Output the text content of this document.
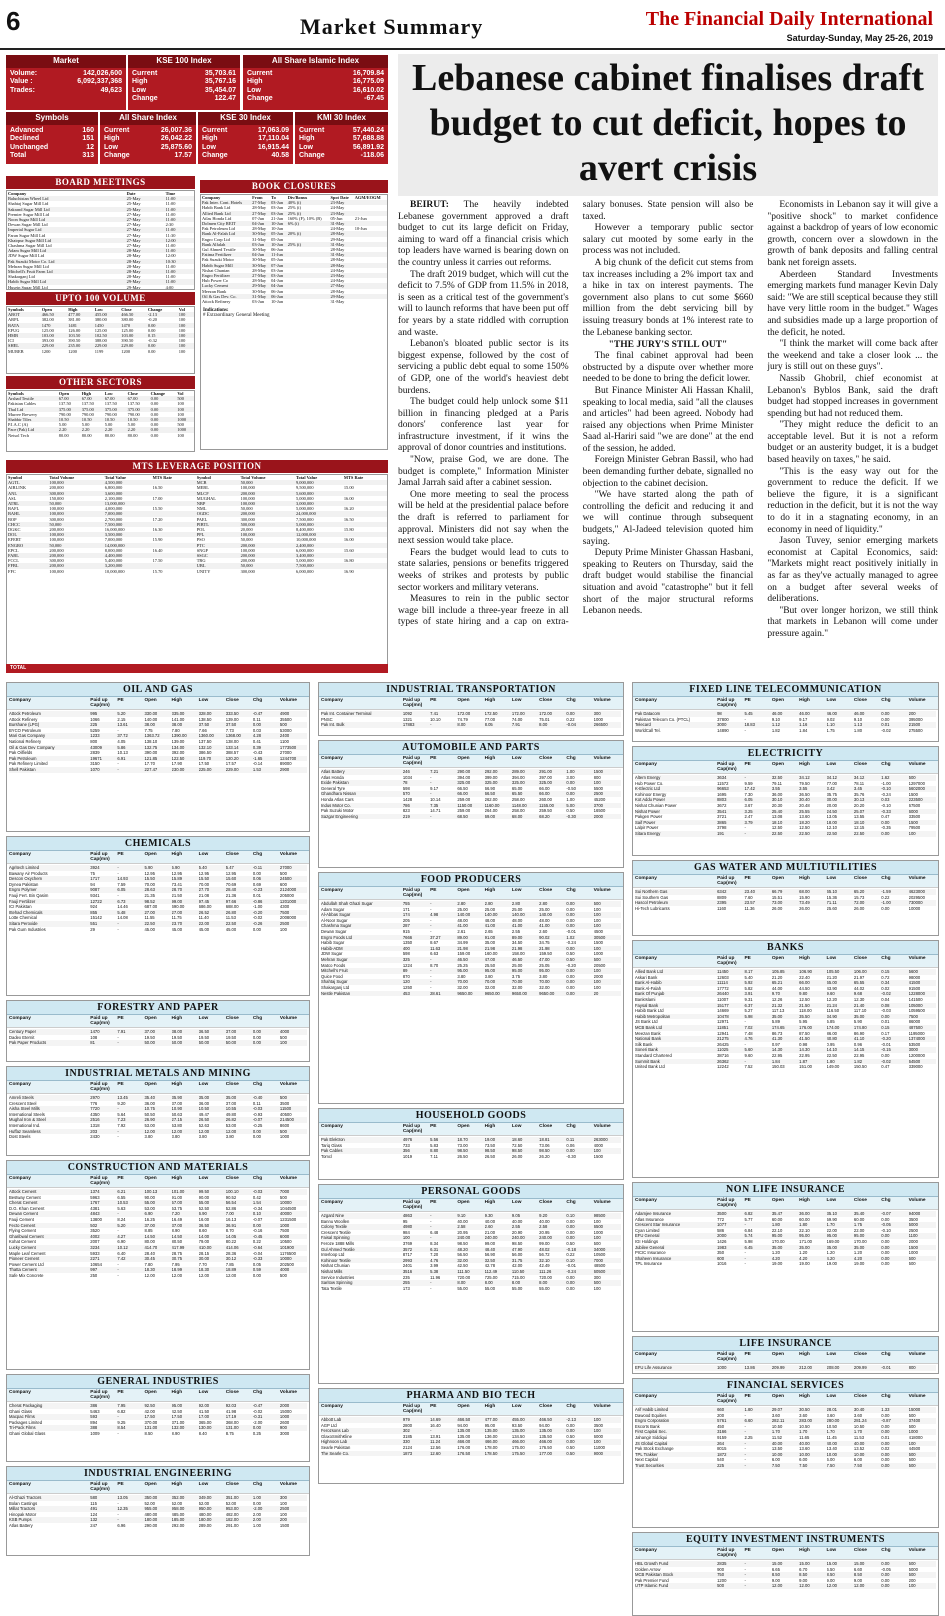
6	Market Summary	The Financial Daily International
Saturday-Sunday, May 25-26, 2019
Market
Volume:	142,026,600
Value :	6,092,337,368
Trades:	49,623
KSE 100 Index
Current	35,703.61
High	35,767.16
Low	35,454.07
Change	122.47
All Share Islamic Index
Current	16,709.84
High	16,775.09
Low	16,610.02
Change	-67.45
Symbols
Advanced	160
Declined	151
Unchanged	12
Total	313
All Share Index
Current	26,007.36
High	26,042.22
Low	25,875.60
Change	17.57
KSE 30 Index
Current	17,063.09
High	17,110.04
Low	16,915.44
Change	40.58
KMI 30 Index
Current	57,440.24
High	57,688.88
Low	56,891.92
Change	-118.06
BOARD MEETINGS
Company	Date	Time
Baluchistan Wheel Ltd	25-May	11:00
Shahtaj Sugar Mill Ltd	25-May	11:00
Sakrand Sugar Mill Ltd	25-May	11:00
Premier Sugar Mill Ltd	27-May	11:00
Noon Sugar Mill Ltd	27-May	11:00
Dewan Sugar Mill Ltd	27-May	2:30
Imperial Sugar Ltd	27-May	11:00
Faran Sugar Mill Ltd	27-May	11:30
Khairpur Sugar Mill Ltd	27-May	12:00
Chashma Sugar Mill Ltd	27-May	11:00
Adam Sugar Mill Ltd	28-May	11:00
JDW Sugar Mill Ltd	28-May	12:00
Pak Suzuki Motor Co. Ltd	28-May	10:30
Mehran Sugar Mill Ltd	28-May	11:00
Mitchell's Fruit Farm Ltd	28-May	11:00
Shakarganj Ltd	28-May	11:00
Habib Sugar Mill Ltd	29-May	11:00
Husein Sugar Mill Ltd	29-May	4:00
BOOK CLOSURES
Company	From	To	Div/Bonus	Spot Date	AGM/EOGM
Pak Inter. Cont. Hotels	27-May	03-Jun	40% (i)	23-May	
Habib Bank Ltd	28-May	03-Jun	25% (i)	24-May	
Allied Bank Ltd	27-May	03-Jun	25% (i)	23-May	
Atlas Honda Ltd	07-Jun	21-Jun	160% (F), 10% (B)	05-Jun	21-Jun
Dolmen City REIT	04-Jun	10-Jun	6% (i)	31-May	
Pak Petroleum Ltd	28-May	10-Jun		24-May	10-Jun
Bank Al-Falah Ltd	30-May	05-Jun	20% (i)	28-May	
Engro Corp Ltd	31-May	05-Jun		29-May	
Bank Alfalah	03-Jun	10-Jun	25% (i)	31-May	
Gul Ahmed Textile	30-May	06-Jun		28-May	
Fatima Fertilizer	04-Jun	11-Jun		31-May	
Pak Suzuki Motor	30-May	05-Jun		28-May	
Habib Sugar Mill	30-May	07-Jun		28-May	
Nishat Chunian	28-May	03-Jun		24-May	
Engro Fertilizer	27-May	03-Jun		23-May	
Hub Power Co	28-May	04-Jun		24-May	
Lucky Cement	29-May	04-Jun		27-May	
Meezan Bank	30-May	06-Jun		28-May	
Oil & Gas Dev. Co.	31-May	06-Jun		29-May	
Attock Refinery	03-Jun	10-Jun		31-May	
Indications:
# Extraordinary General Meeting
UPTO 100 VOLUME
Symbols	Open	High	Low	Close	Change	Vol
ABOT	466.50	477.00	455.00	466.50	-2.13	100
ARPL	382.00	381.00	380.00	380.00	-0.20	100
BATA	1470	1481	1450	1470	0.00	100
EFUG	125.00	126.00	125.00	125.00	0.00	100
HMB	103.00	103.50	102.50	103.00	0.15	100
ICI	393.00	390.50	388.00	390.50	-0.32	100
SHEL	229.00	235.00	229.00	229.00	0.00	100
MUREB	1200	1200	1199	1200	0.00	100
OTHER SECTORS
Symbols	Open	High	Low	Close	Change	Vol
Arshad Textile	67.00	67.00	67.00	67.00	0.00	500
Pakistan Cables	137.50	137.50	137.50	137.50	0.00	100
Thal Ltd	375.00	375.00	375.00	375.00	0.00	100
Murree Brewery	790.00	790.00	790.00	790.00	0.00	100
Shabbir Tiles	10.50	10.50	10.50	10.50	0.00	1000
P.I.A.C (A)	5.00	5.00	5.00	5.00	0.00	500
Pace (Pak) Ltd	2.20	2.20	2.20	2.20	0.00	1000
Netsol Tech	80.00	80.00	80.00	80.00	0.00	100
MTS LEVERAGE POSITION
Symbol	Total Volume	Total Value	MTS Rate	Symbol	Total Volume	Total Value	MTS Rate
AGTL	100,000	4,500,000		MCB	50,000	9,000,000	
AIRLINK	200,000	6,800,000	16.50	MEBL	100,000	9,500,000	15.00
ANL	300,000	3,600,000		MLCF	200,000	5,600,000	
ASL	150,000	2,100,000	17.00	MUGHAL	100,000	5,000,000	16.00
ATRL	50,000	13,000,000		NBP	100,000	3,000,000	
BAFL	100,000	4,000,000	15.50	NML	50,000	5,000,000	16.20
BAHL	100,000	7,000,000		OGDC	200,000	24,000,000	
BOP	300,000	2,700,000	17.20	PAEL	300,000	7,500,000	16.50
CHCC	50,000	7,500,000		PIBTL	500,000	5,000,000	
DGKC	200,000	16,000,000	16.30	POL	20,000	8,400,000	15.80
DOL	100,000	3,500,000		PPL	100,000	12,000,000	
EFERT	100,000	7,000,000	15.90	PSO	50,000	10,000,000	16.00
ENGRO	50,000	14,000,000		PTC	200,000	2,400,000	
EPCL	200,000	8,000,000	16.40	SNGP	100,000	6,000,000	15.60
FABL	200,000	4,400,000		SSGC	200,000	3,400,000	
FCCL	300,000	5,400,000	17.50	TRG	200,000	5,000,000	16.80
FFBL	200,000	3,200,000		UBL	50,000	7,500,000	
FFC	100,000	10,000,000	15.70	UNITY	300,000	6,000,000	16.90
TOTAL
Lebanese cabinet finalises draft budget to cut deficit, hopes to avert crisis

BEIRUT: The heavily indebted Lebanese government approved a draft budget to cut its large deficit on Friday, aiming to ward off a financial crisis which top leaders have warned is bearing down on the country unless it carries out reforms.

The draft 2019 budget, which will cut the deficit to 7.5% of GDP from 11.5% in 2018, is seen as a critical test of the government's will to launch reforms that have been put off for years by a state riddled with corruption and waste.

Lebanon's bloated public sector is its biggest expense, followed by the cost of servicing a public debt equal to some 150% of GDP, one of the world's heaviest debt burdens.

The budget could help unlock some $11 billion in financing pledged at a Paris donors' conference last year for infrastructure investment, if it wins the approval of donor countries and institutions.

"Now, praise God, we are done. The budget is complete," Information Minister Jamal Jarrah said after a cabinet session.

One more meeting to seal the process will be held at the presidential palace before the draft is referred to parliament for approval. Ministers did not say when the next session would take place.

Fears the budget would lead to cuts to state salaries, pensions or benefits triggered weeks of strikes and protests by public sector workers and military veterans.

Measures to rein in the public sector wage bill include a three-year freeze in all types of state hiring and a cap on extra-salary bonuses. State pension will also be taxed.

However a temporary public sector salary cut mooted by some early in the process was not included.

A big chunk of the deficit cut stems from tax increases including a 2% import tax and a hike in tax on interest payments. The government also plans to cut some $660 million from the debt servicing bill by issuing treasury bonds at 1% interest rate to the Lebanese banking sector.

"THE JURY'S STILL OUT"

The final cabinet approval had been obstructed by a dispute over whether more needed to be done to bring the deficit lower.

But Finance Minister Ali Hassan Khalil, speaking to local media, said "all the clauses and articles" had been agreed. Nobody had raised any objections when Prime Minister Saad al-Hariri said "we are done" at the end of the session, he added.

Foreign Minister Gebran Bassil, who had been demanding further debate, signalled no objection to the cabinet decision.

"We have started along the path of controlling the deficit and reducing it and we will continue through subsequent budgets," Al-Jadeed television quoted him saying.

Deputy Prime Minister Ghassan Hasbani, speaking to Reuters on Thursday, said the draft budget would stabilise the financial situation and avoid "catastrophe" but it fell short of the major structural reforms Lebanon needs.

Economists in Lebanon say it will give a "positive shock" to market confidence against a backdrop of years of low economic growth, concern over a slowdown in the growth of bank deposits and falling central bank net foreign assets.

Aberdeen Standard Investments emerging markets fund manager Kevin Daly said: "We are still sceptical because they still have very little room in the budget." Wages and subsidies made up a large proportion of the deficit, he noted.

"I think the market will come back after the weekend and take a closer look ... the jury is still out on these guys".

Nassib Ghobril, chief economist at Lebanon's Byblos Bank, said the draft budget had stopped increases in government spending but had not reduced them.

"They might reduce the deficit to an acceptable level. But it is not a reform budget or an austerity budget, it is a budget based heavily on taxes," he said.

"This is the easy way out for the government to reduce the deficit. If we believe the figure, it is a significant reduction in the deficit, but it is not the way to do it in a stagnating economy, in an economy in need of liquidity."

Jason Tuvey, senior emerging markets economist at Capital Economics, said: "Markets might react positively initially in as far as they've actually managed to agree on a budget after several weeks of deliberations.

"But over longer horizon, we still think that markets in Lebanon will come under pressure again."

OIL AND GAS
Company	Paid up Cap(mn)
PE	Open	High	Low	Close	Chg	Volume
Attock Petroleum	995	5.20	330.00	335.00	328.00	333.50	-0.47	4900
Attock Refinery	1066	2.15	140.00	141.00	138.50	139.00	0.11	35500
Burshane (LPG)	225	13.61	38.00	38.00	37.50	37.50	0.00	500
BYCO Petroleum	5259	-	7.75	7.80	7.66	7.73	0.03	53000
Mari Gas Company	1233	37.72	1363.72	1390.00	1360.00	1368.00	4.28	2400
National Refinery	800	4.05	138.10	139.00	137.50	138.00	0.41	1100
Oil & Gas Dev Company	43009	5.86	132.75	134.00	132.10	133.14	0.39	1773500
Pak Oilfields	2839	10.13	390.00	392.00	386.50	388.57	-0.43	27000
Pak Petroleum	19671	6.91	121.85	122.50	119.70	120.20	-1.65	1244700
Pak Refinery Limited	3150	-	17.70	17.90	17.50	17.57	-0.14	89000
Shell Pakistan	1070	-	227.47	230.00	225.00	229.00	1.53	2900
CHEMICALS
Company	Paid up Cap(mn)
PE	Open	High	Low	Close	Chg	Volume
Agritech Limited	3924	-	5.90	5.90	5.40	5.47	-0.11	27000
Bawany Air Products	75	-	12.95	12.95	12.95	12.95	0.00	500
Descon Oxychem	1717	14.93	15.50	15.89	15.50	15.60	0.06	24500
Dynea Pakistan	94	7.59	70.00	73.41	70.00	70.69	0.69	600
Engro Polymer	9087	6.05	28.63	28.70	27.70	28.40	-0.23	2124000
Fauji Fert. Bin Qasim	9341	-	21.35	21.50	21.08	21.36	0.01	205000
Fauji Fertilizer	12722	6.73	98.52	99.00	97.45	97.66	-0.86	1201000
ICI Pakistan	924	14.46	687.00	690.00	686.00	688.00	-1.00	4300
Ittehad Chemicals	855	5.48	27.00	27.00	26.52	26.80	-0.20	7500
Lotte Chemical	15142	14.08	11.55	11.75	11.40	11.53	-0.02	2008000
Sitara Peroxide	551	-	22.50	23.70	22.00	22.50	-0.26	2500
Pak Gum Industries	29	-	45.00	45.00	45.00	45.00	0.00	100
FORESTRY AND PAPER
Company	Paid up Cap(mn)
PE	Open	High	Low	Close	Chg	Volume
Century Paper	1470	7.91	37.00	38.00	36.50	37.00	0.00	4000
Dadex Eternit	108	-	19.50	19.50	19.50	19.50	0.00	500
Pak Paper Products	81	-	50.00	50.00	50.00	50.00	0.00	100
INDUSTRIAL METALS AND MINING
Company	Paid up Cap(mn)
PE	Open	High	Low	Close	Chg	Volume
Amreli Steels	2970	13.45	35.40	35.90	35.00	35.00	-0.40	500
Crescent Steel	776	9.20	36.00	37.00	36.00	37.00	0.11	3500
Aisha Steel Mills	7720	-	10.75	10.90	10.50	10.55	-0.03	11500
International Steels	4350	5.64	50.50	50.63	49.47	49.80	-0.93	40500
Mughal Iron & Steel	2516	7.23	26.90	27.15	26.50	26.82	-0.07	214500
International Ind.	1318	7.92	53.00	53.80	52.63	53.00	-0.25	8600
Huffaz Seamless	203	-	12.00	12.00	12.00	12.00	0.00	500
Dost Steels	2430	-	3.80	3.80	3.80	3.80	0.00	1000
CONSTRUCTION AND MATERIALS
Company	Paid up Cap(mn)
PE	Open	High	Low	Close	Chg	Volume
Attock Cement	1374	6.21	100.13	101.00	99.50	100.10	-0.03	7000
Bestway Cement	5963	6.55	90.00	91.00	90.00	90.52	0.42	500
Cherat Cement	1767	10.53	55.00	57.00	55.00	56.54	1.54	10000
D.G. Khan Cement	4381	5.63	53.00	53.75	52.50	52.86	-0.34	1044500
Dewan Cement	4843	-	6.90	7.20	6.90	7.00	0.10	40000
Fauji Cement	13800	8.24	16.25	16.49	16.00	16.13	-0.07	1231500
Fecto Cement	502	5.20	37.00	37.00	36.50	36.91	0.00	1000
Flying Cement	3520	-	8.85	8.90	8.60	8.70	-0.16	7500
Gharibwal Cement	4002	4.27	14.50	14.50	14.00	14.05	-0.45	6000
Kohat Cement	2007	6.90	80.00	80.50	79.00	80.22	0.22	10500
Lucky Cement	3234	10.12	414.70	417.99	410.00	414.06	-0.64	101900
Maple Leaf Cement	5933	6.40	28.40	28.75	28.15	28.36	-0.04	1176500
Pioneer Cement	2271	7.42	30.45	30.75	30.00	30.12	-0.33	10000
Power Cement Ltd	10654	-	7.80	7.95	7.70	7.85	0.05	202500
Thatta Cement	997	-	18.30	18.99	18.30	18.89	0.59	4000
Safe Mix Concrete	250	-	12.00	12.00	12.00	12.00	0.00	500
GENERAL INDUSTRIES
Company	Paid up Cap(mn)
PE	Open	High	Low	Close	Chg	Volume
Cherat Packaging	386	7.95	92.50	95.00	92.00	92.03	-0.47	2000
Ghani Glass	5463	6.82	42.00	42.50	41.50	41.98	-0.02	15000
Macpac Films	593	-	17.50	17.50	17.00	17.19	-0.31	1000
Packages Limited	894	9.25	370.00	371.00	365.00	368.00	-2.00	2600
Tri-Pack Films	388	8.54	131.00	132.00	130.00	131.00	0.00	900
Ghani Global Glass	1009	-	8.50	8.90	8.40	8.75	0.25	3000
INDUSTRIAL ENGINEERING
Company	Paid up Cap(mn)
PE	Open	High	Low	Close	Chg	Volume
Al-Ghazi Tractors	580	13.05	350.00	352.00	349.00	351.00	1.00	300
Bolan Castings	115	-	52.00	52.00	52.00	52.00	0.00	100
Millat Tractors	491	12.35	955.00	958.00	950.00	953.00	-2.00	2500
Hinopak Motor	124	-	480.00	485.00	480.00	482.00	2.00	100
KSB Pumps	132	-	180.00	185.00	180.00	182.00	2.00	200
Atlas Battery	247	6.96	290.00	292.00	289.00	291.00	1.00	1500
INDUSTRIAL TRANSPORTATION
Company	Paid up Cap(mn)
PE	Open	High	Low	Close	Chg	Volume
Pak Int. Container Terminal	1092	7.41	172.00	172.50	172.00	172.00	0.00	300
PNSC	1321	10.10	74.79	77.00	74.00	75.01	0.22	1000
Pak Int. Bulk	17883	-	8.00	8.05	7.91	8.00	-0.04	266500
AUTOMOBILE AND PARTS
Company	Paid up Cap(mn)
PE	Open	High	Low	Close	Chg	Volume
Atlas Battery	246	7.21	290.00	292.00	289.00	291.00	1.00	1500
Atlas Honda	1034	-	394.00	399.00	394.00	397.00	3.00	800
Exide Pakistan	78	-	325.00	325.00	325.00	325.00	0.00	100
General Tyre	598	9.17	66.50	66.90	65.00	66.00	-0.50	5500
Ghandhara Nissan	570	-	66.00	66.50	65.50	66.00	0.00	2500
Honda Atlas Cars	1428	10.14	259.00	262.00	258.00	260.00	1.00	45200
Indus Motor Co.	786	7.35	1150.00	1160.00	1148.00	1155.00	5.00	3700
Pak Suzuki Motor	823	14.71	259.00	264.00	258.00	259.50	0.50	16500
Sazgar Engineering	219	-	68.50	69.00	68.00	68.20	-0.30	2000
FOOD PRODUCERS
Company	Paid up Cap(mn)
PE	Open	High	Low	Close	Chg	Volume
Abdullah Shah Ghazi Sugar	755	-	2.80	2.80	2.80	2.80	0.00	500
Adam Sugar	171	-	25.00	25.00	25.00	25.00	0.00	100
Al-Abbas Sugar	174	4.98	140.00	140.00	140.00	140.00	0.00	100
Al-Noor Sugar	205	-	48.00	48.00	48.00	48.00	0.00	100
Chashma Sugar	287	-	41.00	41.00	41.00	41.00	0.00	100
Dewan Sugar	915	-	2.61	2.65	2.55	2.60	-0.01	4500
Engro Foods Ltd	7666	37.27	89.00	91.00	89.00	90.02	1.02	30500
Habib Sugar	1350	8.67	34.99	35.00	34.50	34.75	-0.24	1500
Habib-ADM	400	11.63	21.98	21.98	21.98	21.98	0.00	100
JDW Sugar	598	6.63	159.00	160.00	158.00	159.50	0.50	1000
Mehran Sugar	325	-	46.50	47.00	46.50	47.00	0.50	500
Matco Foods	1224	8.70	25.25	25.50	25.00	25.05	-0.20	20500
Mitchell's Fruit	89	-	95.00	95.00	95.00	95.00	0.00	100
Quice Food	870	-	3.80	3.80	3.75	3.80	0.00	2000
Shahtaj Sugar	120	-	70.00	70.00	70.00	70.00	0.00	100
Shakarganj Ltd	1250	-	32.00	32.00	32.00	32.00	0.00	100
Nestle Pakistan	453	28.61	9650.00	9650.00	9650.00	9650.00	0.00	20
HOUSEHOLD GOODS
Company	Paid up Cap(mn)
PE	Open	High	Low	Close	Chg	Volume
Pak Elektron	4976	5.56	18.70	19.00	18.60	18.81	0.11	263000
Tariq Glass	733	5.83	73.00	73.50	72.50	73.06	0.06	4000
Pak Cables	356	8.80	98.50	98.50	98.50	98.50	0.00	100
Tomcl	1019	7.11	26.50	26.50	26.00	26.20	-0.30	1500
PERSONAL GOODS
Company	Paid up Cap(mn)
PE	Open	High	Low	Close	Chg	Volume
Azgard Nine	4863	-	9.10	9.30	9.05	9.20	0.10	98500
Bannu Woollen	95	-	40.00	40.00	40.00	40.00	0.00	100
Colony Textile	4980	-	2.58	2.60	2.55	2.58	0.00	6500
Crescent Textile	984	6.48	20.95	21.00	20.90	20.95	0.00	1000
Faisal Spinning	100	-	240.00	240.00	240.00	240.00	0.00	100
Feroze 1888 Mills	3769	8.34	98.50	99.00	98.50	99.00	0.50	500
Gul Ahmed Textile	3572	6.31	48.20	48.40	47.90	48.02	-0.18	34000
Interloop Ltd	8717	7.20	56.50	56.90	56.00	56.72	0.22	10500
Kohinoor Textile	2993	4.76	32.00	32.50	31.75	32.10	0.10	7000
Nishat Chunian	2401	3.99	42.50	42.78	42.00	42.49	-0.01	48500
Nishat Mills	3516	5.38	111.50	112.49	110.50	111.26	-0.24	60500
Service Industries	235	11.96	720.00	725.00	715.00	720.00	0.00	300
Saritow Spinning	255	-	8.00	8.00	8.00	8.00	0.00	500
Tata Textile	173	-	55.00	55.00	55.00	55.00	0.00	100
PHARMA AND BIO TECH
Company	Paid up Cap(mn)
PE	Open	High	Low	Close	Chg	Volume
Abbott Lab	979	14.69	466.50	477.00	455.00	466.50	-2.13	100
AGP Ltd	2800	16.40	94.00	95.00	93.50	94.00	0.00	3500
Ferozsons Lab	302	-	135.00	135.00	135.00	135.00	0.00	100
GlaxoSmithKline	3185	13.91	135.00	136.00	134.50	135.50	0.50	6000
Highnoon Lab	330	11.24	466.00	466.00	466.00	466.00	0.00	100
Searle Pakistan	2124	12.56	176.00	178.00	175.00	176.50	0.50	11000
The Searle Co.	1873	12.60	176.50	178.50	175.50	177.00	0.50	9000
FIXED LINE TELECOMMUNICATION
Company	Paid up Cap(mn)
PE	Open	High	Low	Close	Chg	Volume
Pak Datacom	98	5.45	46.00	46.00	46.00	46.00	0.00	200
Pakistan Telecom Co. (PTCL)	37800	-	9.10	9.17	9.02	9.10	0.00	395000
Telecard	3000	18.83	1.12	1.16	1.10	1.13	0.01	21500
WorldCall Tel.	14890	-	1.82	1.84	1.75	1.80	-0.02	275500
ELECTRICITY
Company	Paid up Cap(mn)
PE	Open	High	Low	Close	Chg	Volume
Altern Energy	3634	-	32.50	34.12	34.12	34.12	1.62	500
Hub Power Co.	11572	9.59	79.11	79.50	77.00	78.11	-1.00	1297000
K-Electric Ltd	96653	17.42	3.55	3.55	3.42	3.45	-0.10	5602000
Kohinoor Energy	1695	7.30	36.00	36.50	35.75	35.76	-0.24	1500
Kot Addu Power	8803	6.05	30.10	30.40	30.00	30.13	0.03	223500
Nishat Chunian Power	3672	3.67	20.30	20.48	20.00	20.20	-0.10	67500
Nishat Power	3541	3.25	25.40	25.55	24.50	25.07	-0.33	6000
Pakgen Power	3721	2.47	13.08	13.60	13.05	13.55	0.47	33500
Saif Power	3865	3.79	18.10	18.20	18.00	18.10	0.00	1500
Lalpir Power	3798	-	12.50	12.50	12.10	12.15	-0.35	79500
Sitara Energy	191	-	22.50	22.50	22.50	22.50	0.00	100
GAS WATER AND MULTIUTILITIES
Company	Paid up Cap(mn)
PE	Open	High	Low	Close	Chg	Volume
Sui Northern Gas	6342	23.40	66.79	68.00	65.10	65.20	-1.59	4623000
Sui Southern Gas	8809	7.60	15.51	15.90	15.36	15.73	0.22	2029500
Hascol Petroleum	2395	23.57	73.00	73.49	71.11	72.00	-1.00	730000
Hi-Tech Lubricants	1160	11.36	26.00	26.00	25.60	26.00	0.00	10000
BANKS
Company	Paid up Cap(mn)
PE	Open	High	Low	Close	Chg	Volume
Allied Bank Ltd	11450	8.17	105.85	106.90	105.50	106.00	0.15	5600
Askari Bank	12603	5.40	21.20	22.40	21.20	21.97	0.72	98000
Bank Al-Habib	11114	5.92	65.21	66.00	65.00	65.55	0.34	41500
Bank Al-Falah	17772	5.82	44.00	44.50	43.90	44.02	0.02	91500
Bank Of Punjab	26440	3.91	9.70	9.80	9.60	9.68	-0.02	1228000
BankIslami	11007	9.31	12.26	12.50	12.20	12.30	0.04	141500
Faysal Bank	15177	6.37	21.32	21.50	21.24	21.40	0.08	105000
Habib Bank Ltd	14669	5.27	117.13	118.00	116.50	117.10	-0.03	1059500
Habib Metropolitan	10478	5.98	35.00	35.50	34.90	35.00	0.00	7500
JS Bank Ltd	12971	-	5.89	5.95	5.85	5.90	0.01	86000
MCB Bank Ltd	11851	7.02	174.65	176.00	174.00	174.80	0.15	487500
Meezan Bank	12941	7.48	86.73	87.50	86.00	86.90	0.17	1195000
National Bank	21275	4.76	41.30	41.50	40.80	41.10	-0.20	1374000
Silk Bank	26425	-	0.97	0.98	0.95	0.96	-0.01	53500
Soneri Bank	11025	5.60	14.30	14.30	14.10	14.15	-0.15	3000
Standard Chartered	38716	9.60	22.95	22.95	22.50	22.95	0.00	1200000
Summit Bank	26362	-	1.84	1.87	1.80	1.82	-0.02	64500
United Bank Ltd	12242	7.52	150.03	151.00	149.00	150.50	0.47	339000
NON LIFE INSURANCE
Company	Paid up Cap(mn)
PE	Open	High	Low	Close	Chg	Volume
Adamjee Insurance	3500	6.82	35.47	36.00	35.10	35.40	-0.07	94000
Atlas Insurance	772	5.77	60.00	60.00	59.90	60.00	0.00	3500
Crescent Star Insurance	1077	-	1.80	1.80	1.70	1.75	-0.05	5000
Cyan Limited	586	6.84	22.10	22.10	22.00	22.00	-0.10	2500
EFU General	2000	5.74	95.00	95.00	95.00	95.00	0.00	1100
IGI Holdings	1426	5.98	170.00	171.00	169.00	170.00	0.00	2000
Jubilee General	1983	6.45	35.00	35.00	35.00	35.00	0.00	1500
PICIC Insurance	350	-	1.20	1.20	1.20	1.20	0.00	1000
Shaheen Insurance	600	-	4.20	4.20	4.20	4.20	0.00	500
TPL Insurance	1016	-	19.00	19.00	19.00	19.00	0.00	500
LIFE INSURANCE
Company	Paid up Cap(mn)
PE	Open	High	Low	Close	Chg	Volume
EFU Life Assurance	1000	13.86	209.99	212.00	208.00	209.99	-0.01	800
FINANCIAL SERVICES
Company	Paid up Cap(mn)
PE	Open	High	Low	Close	Chg	Volume
Arif Habib Limited	660	1.80	29.07	30.50	28.01	30.40	1.33	15000
Dawood Equities	200	-	3.60	3.60	3.60	3.60	0.00	500
Engro Corporation	5761	6.60	282.11	283.00	280.00	281.24	-0.87	37400
Escorts Bank	450	-	10.50	10.50	10.50	10.50	0.00	500
First Capital Sec.	3166	-	1.70	1.70	1.70	1.70	0.00	1000
Jahangir Siddiqui	9159	2.25	11.52	11.65	11.45	11.53	0.01	418000
JS Global Capital	264	-	40.00	40.00	40.00	40.00	0.00	100
Pak Stock Exchange	8015	-	13.50	13.60	13.40	13.52	0.02	44500
TPL Trakker	1872	-	10.00	10.00	10.00	10.00	0.00	500
Next Capital	540	-	6.00	6.00	6.00	6.00	0.00	500
Trust Securities	225	-	7.50	7.50	7.50	7.50	0.00	500
EQUITY INVESTMENT INSTRUMENTS
Company	Paid up Cap(mn)
PE	Open	High	Low	Close	Chg	Volume
HBL Growth Fund	2835	-	15.00	15.00	15.00	15.00	0.00	500
Golden Arrow	900	-	6.65	6.70	6.50	6.60	-0.05	5000
MCB Pakistan Stock	750	-	8.50	8.50	8.50	8.50	0.00	500
Pak Premier Fund	1200	-	9.00	9.00	9.00	9.00	0.00	200
UTP Islamic Fund	500	-	12.00	12.00	12.00	12.00	0.00	100
